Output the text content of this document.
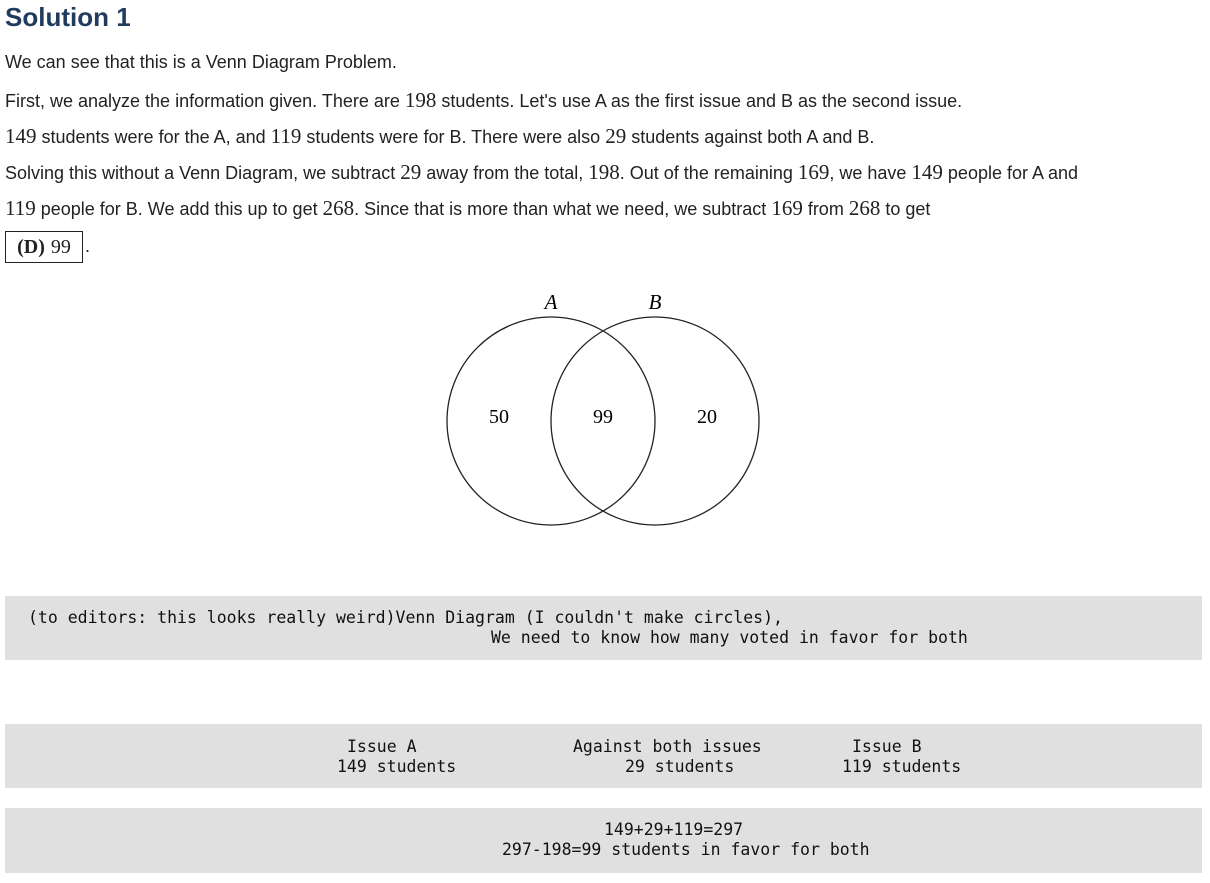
Solution 1
We can see that this is a Venn Diagram Problem.
First, we analyze the information given. There are 198 students. Let's use A as the first issue and B as the second issue.
149 students were for the A, and 119 students were for B. There were also 29 students against both A and B.
Solving this without a Venn Diagram, we subtract 29 away from the total, 198. Out of the remaining 169, we have 149 people for A and
119 people for B. We add this up to get 268. Since that is more than what we need, we subtract 169 from 268 to get
(D) 99 .
A	B
50	99	20
(to editors: this looks really weird)Venn Diagram (I couldn't make circles),
We need to know how many voted in favor for both
Issue A
149 students
Against both issues
29 students
Issue B
119 students
149+29+119=297
297-198=99 students in favor for both
